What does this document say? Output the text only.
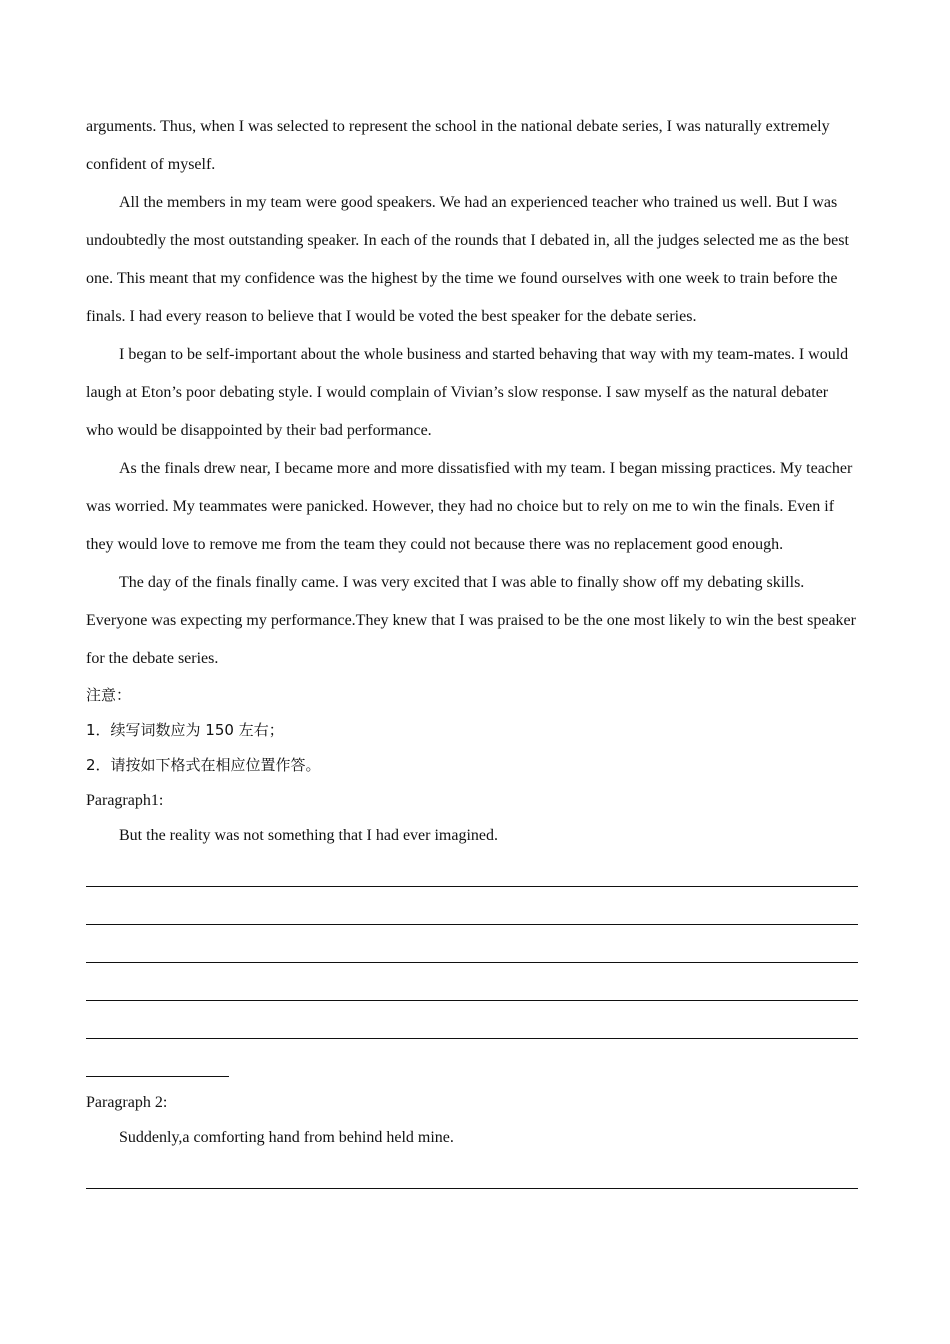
arguments. Thus, when I was selected to represent the school in the national debate series, I was naturally extremely confident of myself.

All the members in my team were good speakers. We had an experienced teacher who trained us well. But I was undoubtedly the most outstanding speaker. In each of the rounds that I debated in, all the judges selected me as the best one. This meant that my confidence was the highest by the time we found ourselves with one week to train before the finals. I had every reason to believe that I would be voted the best speaker for the debate series.

I began to be self-important about the whole business and started behaving that way with my team-mates. I would laugh at Eton’s poor debating style. I would complain of Vivian’s slow response. I saw myself as the natural debater who would be disappointed by their bad performance.

As the finals drew near, I became more and more dissatisfied with my team. I began missing practices. My teacher was worried. My teammates were panicked. However, they had no choice but to rely on me to win the finals. Even if they would love to remove me from the team they could not because there was no replacement good enough.

The day of the finals finally came. I was very excited that I was able to finally show off my debating skills. Everyone was expecting my performance.They knew that I was praised to be the one most likely to win the best speaker for the debate series.

注意：

1．续写词数应为 150 左右；

2．请按如下格式在相应位置作答。

Paragraph1:

But the reality was not something that I had ever imagined.

Paragraph 2:

Suddenly,a comforting hand from behind held mine.
